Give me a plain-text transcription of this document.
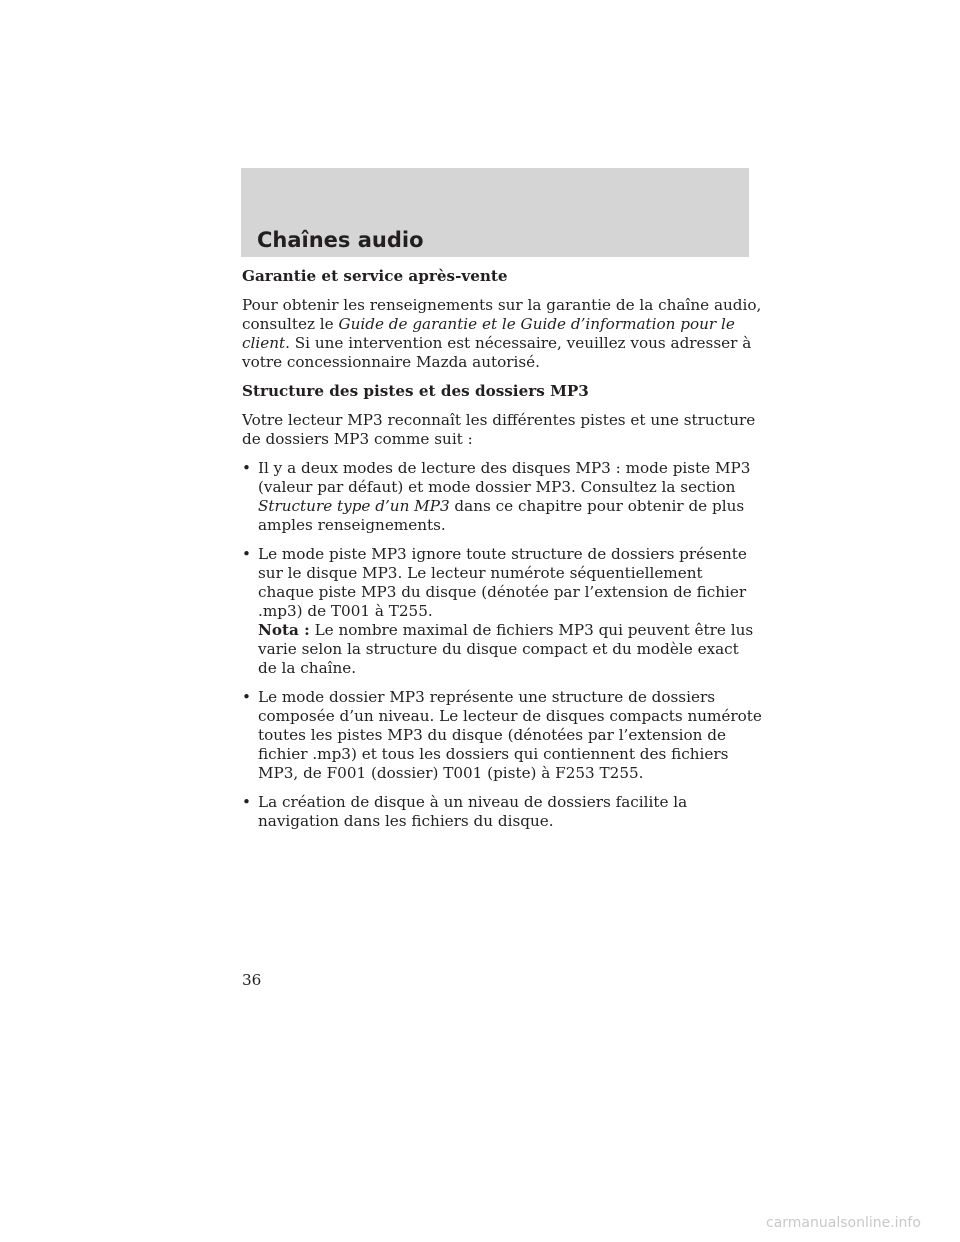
Chaînes audio

Garantie et service après-vente

Pour obtenir les renseignements sur la garantie de la chaîne audio, consultez le Guide de garantie et le Guide d’information pour le client. Si une intervention est nécessaire, veuillez vous adresser à votre concessionnaire Mazda autorisé.

Structure des pistes et des dossiers MP3

Votre lecteur MP3 reconnaît les différentes pistes et une structure de dossiers MP3 comme suit :

• Il y a deux modes de lecture des disques MP3 : mode piste MP3 (valeur par défaut) et mode dossier MP3. Consultez la section Structure type d’un MP3 dans ce chapitre pour obtenir de plus amples renseignements.
• Le mode piste MP3 ignore toute structure de dossiers présente sur le disque MP3. Le lecteur numérote séquentiellement chaque piste MP3 du disque (dénotée par l’extension de fichier .mp3) de T001 à T255.
Nota : Le nombre maximal de fichiers MP3 qui peuvent être lus varie selon la structure du disque compact et du modèle exact de la chaîne.
• Le mode dossier MP3 représente une structure de dossiers composée d’un niveau. Le lecteur de disques compacts numérote toutes les pistes MP3 du disque (dénotées par l’extension de fichier .mp3) et tous les dossiers qui contiennent des fichiers MP3, de F001 (dossier) T001 (piste) à F253 T255.
• La création de disque à un niveau de dossiers facilite la navigation dans les fichiers du disque.
36
carmanualsonline.info
